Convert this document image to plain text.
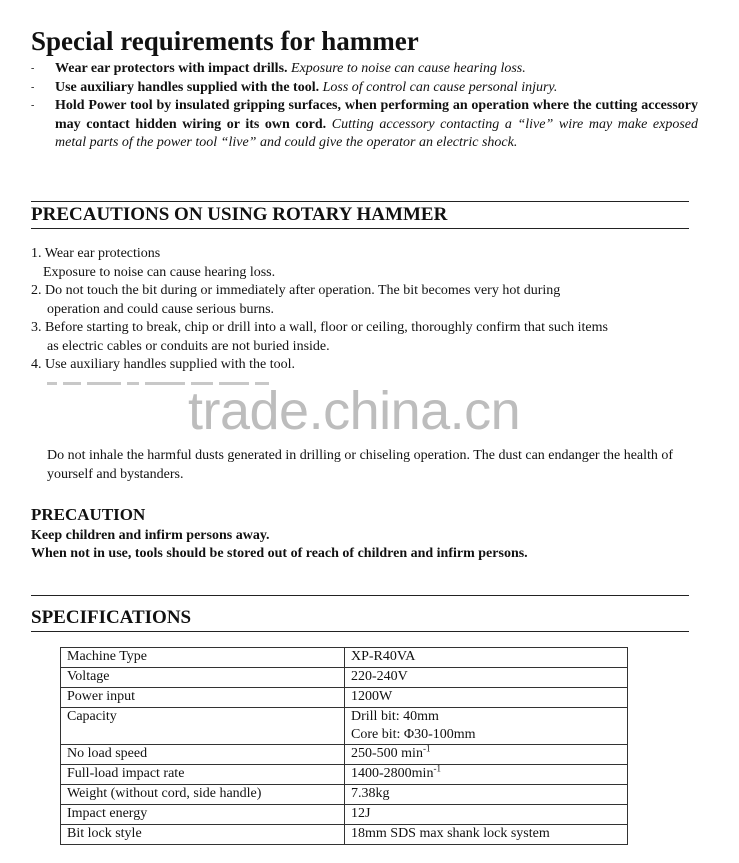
Special requirements for hammer
-	Wear ear protectors with impact drills. Exposure to noise can cause hearing loss.
-	Use auxiliary handles supplied with the tool. Loss of control can cause personal injury.
-	Hold Power tool by insulated gripping surfaces, when performing an operation where the cutting accessory may contact hidden wiring or its own cord. Cutting accessory contacting a “live” wire may make exposed metal parts of the power tool “live” and could give the operator an electric shock.
PRECAUTIONS ON USING ROTARY HAMMER
1. Wear ear protections
Exposure to noise can cause hearing loss.
2. Do not touch the bit during or immediately after operation. The bit becomes very hot during
operation and could cause serious burns.
3. Before starting to break, chip or drill into a wall, floor or ceiling, thoroughly confirm that such items
as electric cables or conduits are not buried inside.
4. Use auxiliary handles supplied with the tool.
trade.china.cn
Do not inhale the harmful dusts generated in drilling or chiseling operation. The dust can endanger the health of yourself and bystanders.
PRECAUTION
Keep children and infirm persons away.
When not in use, tools should be stored out of reach of children and infirm persons.
SPECIFICATIONS
Machine Type	XP-R40VA
Voltage	220-240V
Power input	1200W
Capacity	Drill bit: 40mm
Core bit: Φ30-100mm

No load speed	250-500 $\min^{-1}$
Full-load impact rate	$1400-2800\min^{-1}$
Weight (without cord, side handle)	7.38kg
Impact energy	12J
Bit lock style	18mm SDS max shank lock system
